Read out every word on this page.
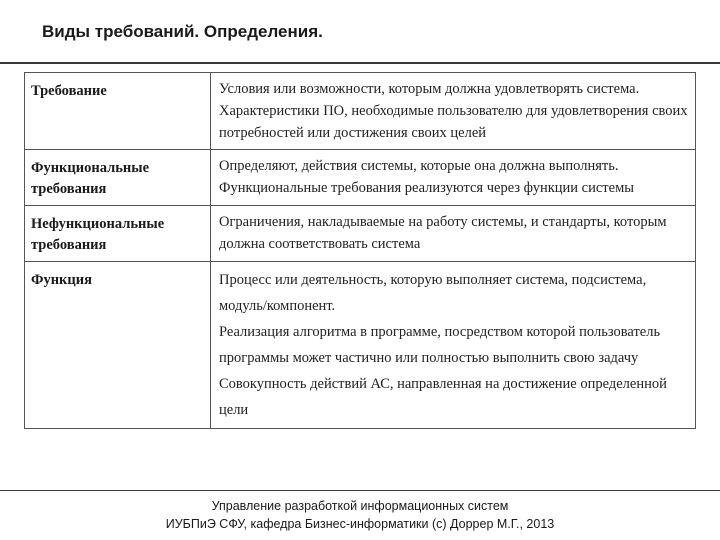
Виды требований. Определения.
Требование	Условия или возможности, которым должна удовлетворять система. Характеристики ПО, необходимые пользователю для удовлетворения своих потребностей или достижения своих целей

Функциональные требования	Определяют, действия системы, которые она должна выполнять. Функциональные требования реализуются через функции системы

Нефункциональные требования	Ограничения, накладываемые на работу системы, и стандарты, которым должна соответствовать система

Функция	Процесс или деятельность, которую выполняет система, подсистема, модуль/компонент.
Реализация алгоритма в программе, посредством которой пользователь программы может частично или полностью выполнить свою задачу
Совокупность действий АС, направленная на достижение определенной цели
Управление разработкой информационных систем
ИУБПиЭ СФУ, кафедра Бизнес-информатики (c) Доррер М.Г., 2013
